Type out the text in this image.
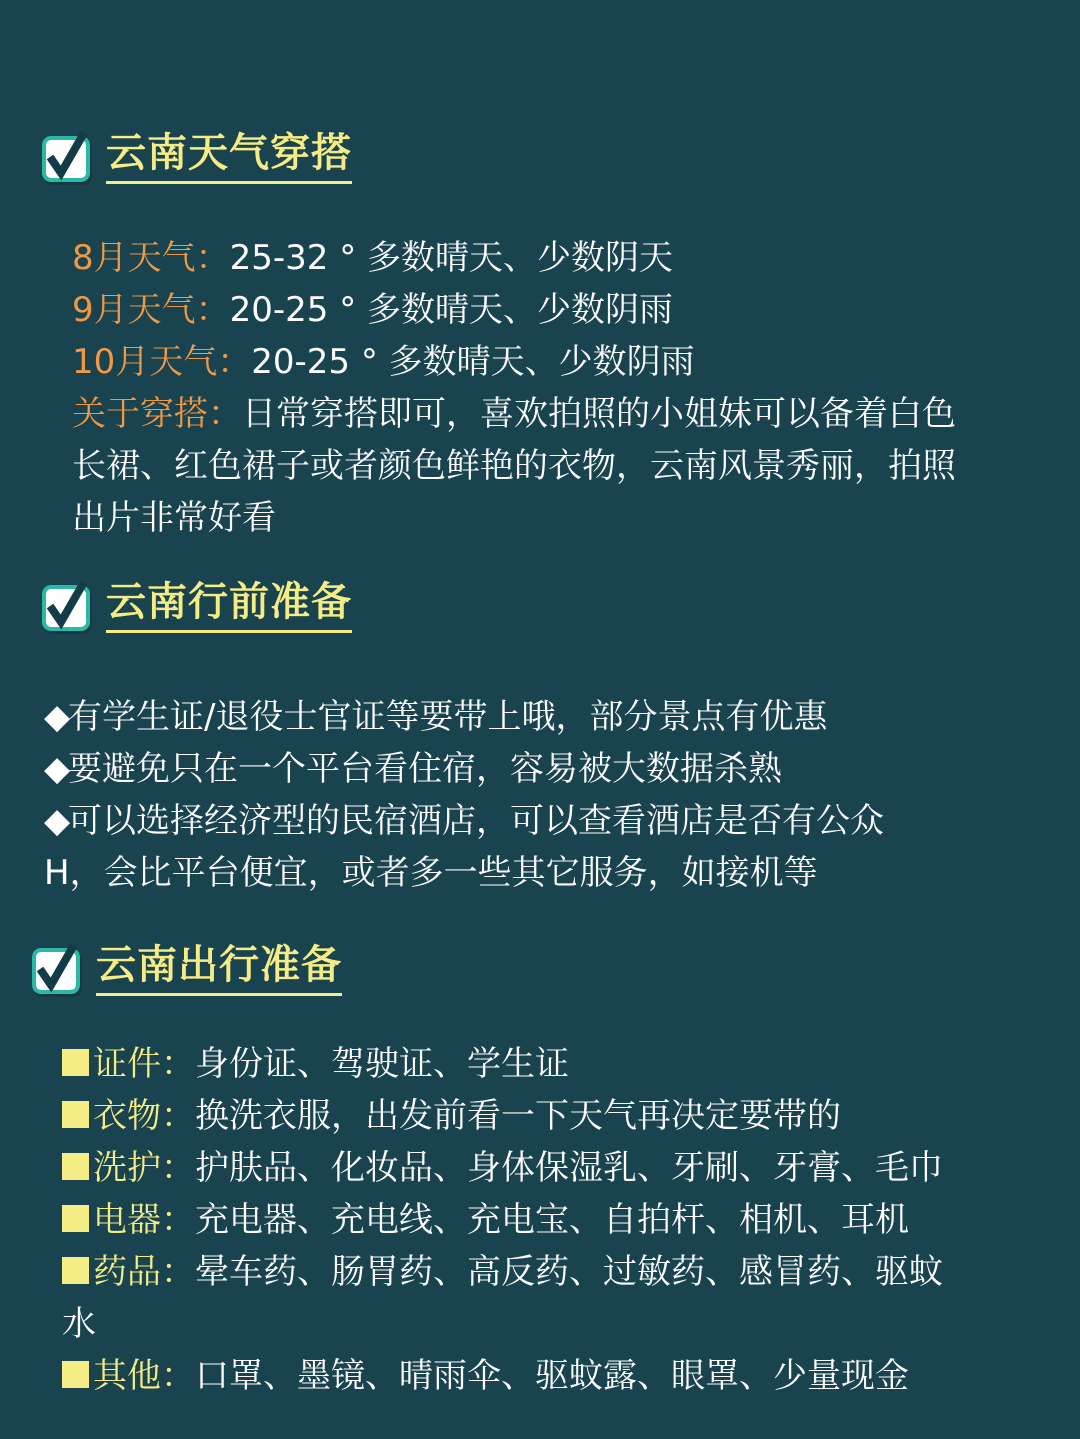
云南天气穿搭
8月天气：25-32 ° 多数晴天、少数阴天
9月天气：20-25 ° 多数晴天、少数阴雨
10月天气：20-25 ° 多数晴天、少数阴雨
关于穿搭：日常穿搭即可，喜欢拍照的小姐妹可以备着白色
长裙、红色裙子或者颜色鲜艳的衣物，云南风景秀丽，拍照
出片非常好看
云南行前准备
◆有学生证/退役士官证等要带上哦，部分景点有优惠
◆要避免只在一个平台看住宿，容易被大数据杀熟
◆可以选择经济型的民宿酒店，可以查看酒店是否有公众
H，会比平台便宜，或者多一些其它服务，如接机等
云南出行准备
证件：身份证、驾驶证、学生证
衣物：换洗衣服，出发前看一下天气再决定要带的
洗护：护肤品、化妆品、身体保湿乳、牙刷、牙膏、毛巾
电器：充电器、充电线、充电宝、自拍杆、相机、耳机
药品：晕车药、肠胃药、高反药、过敏药、感冒药、驱蚊
水
其他：口罩、墨镜、晴雨伞、驱蚊露、眼罩、少量现金
